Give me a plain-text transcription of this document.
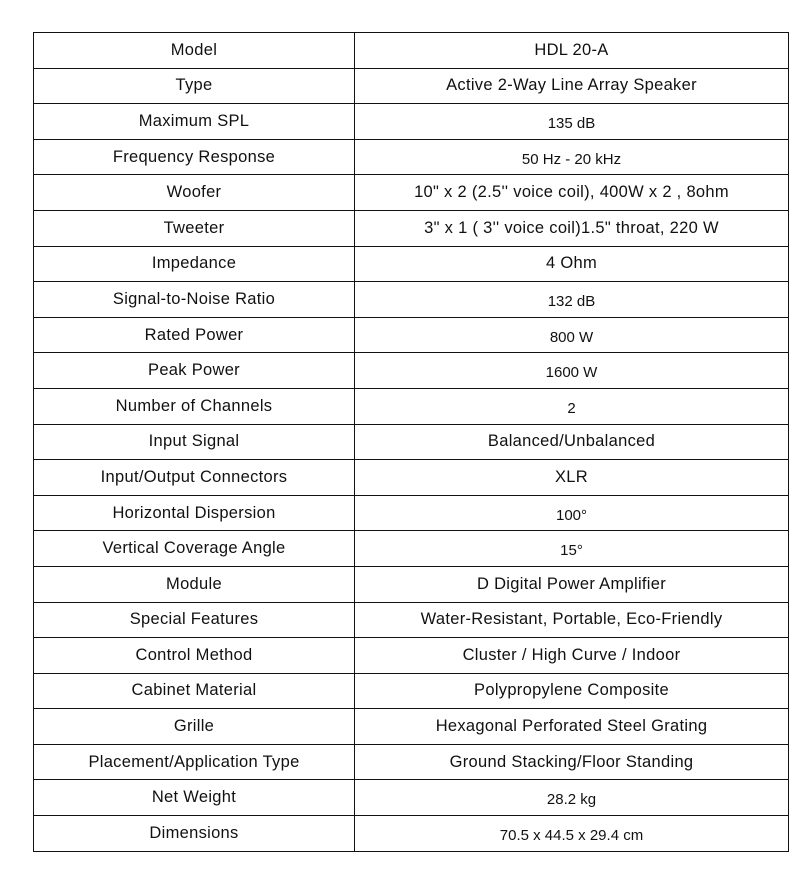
Model	HDL 20-A
Type	Active 2-Way Line Array Speaker
Maximum SPL	135 dB
Frequency Response	50 Hz - 20 kHz
Woofer	10" x 2 (2.5'' voice coil), 400W x 2 , 8ohm
Tweeter	3" x 1 ( 3'' voice coil)1.5" throat, 220 W
Impedance	4 Ohm
Signal-to-Noise Ratio	132 dB
Rated Power	800 W
Peak Power	1600 W
Number of Channels	2
Input Signal	Balanced/Unbalanced
Input/Output Connectors	XLR
Horizontal Dispersion	100°
Vertical Coverage Angle	15°
Module	D Digital Power Amplifier
Special Features	Water-Resistant, Portable, Eco-Friendly
Control Method	Cluster / High Curve / Indoor
Cabinet Material	Polypropylene Composite
Grille	Hexagonal Perforated Steel Grating
Placement/Application Type	Ground Stacking/Floor Standing
Net Weight	28.2 kg
Dimensions	70.5 x 44.5 x 29.4 cm
